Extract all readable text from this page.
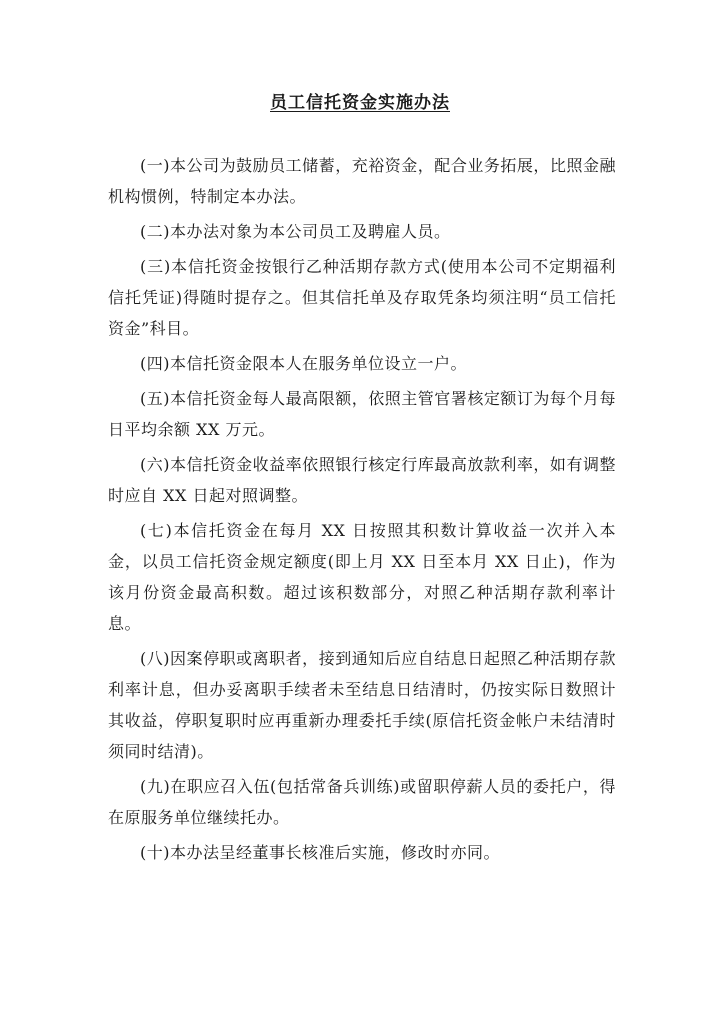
员工信托资金实施办法

(一)本公司为鼓励员工储蓄，充裕资金，配合业务拓展，比照金融机构惯例，特制定本办法。

(二)本办法对象为本公司员工及聘雇人员。

(三)本信托资金按银行乙种活期存款方式(使用本公司不定期福利信托凭证)得随时提存之。但其信托单及存取凭条均须注明“员工信托资金”科目。

(四)本信托资金限本人在服务单位设立一户。

(五)本信托资金每人最高限额，依照主管官署核定额订为每个月每日平均余额 XX 万元。

(六)本信托资金收益率依照银行核定行库最高放款利率，如有调整时应自 XX 日起对照调整。

(七)本信托资金在每月 XX 日按照其积数计算收益一次并入本金，以员工信托资金规定额度(即上月 XX 日至本月 XX 日止)，作为该月份资金最高积数。超过该积数部分，对照乙种活期存款利率计息。

(八)因案停职或离职者，接到通知后应自结息日起照乙种活期存款利率计息，但办妥离职手续者未至结息日结清时，仍按实际日数照计其收益，停职复职时应再重新办理委托手续(原信托资金帐户未结清时须同时结清)。

(九)在职应召入伍(包括常备兵训练)或留职停薪人员的委托户，得在原服务单位继续托办。

(十)本办法呈经董事长核准后实施，修改时亦同。
